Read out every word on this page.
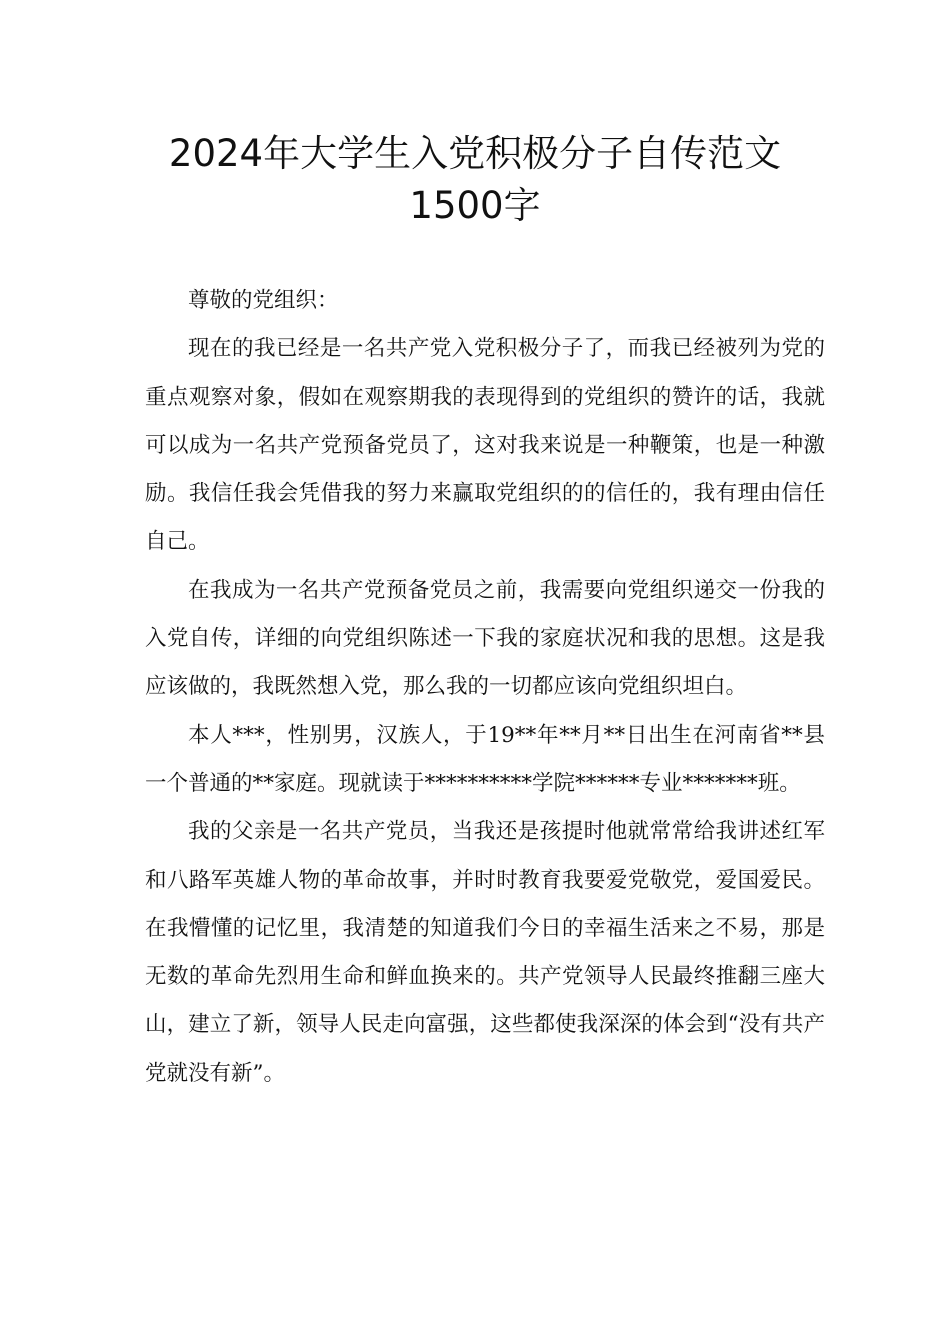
2024年大学生入党积极分子自传范文
1500字

尊敬的党组织：

现在的我已经是一名共产党入党积极分子了，而我已经被列为党的重点观察对象，假如在观察期我的表现得到的党组织的赞许的话，我就可以成为一名共产党预备党员了，这对我来说是一种鞭策，也是一种激励。我信任我会凭借我的努力来赢取党组织的的信任的，我有理由信任自己。

在我成为一名共产党预备党员之前，我需要向党组织递交一份我的入党自传，详细的向党组织陈述一下我的家庭状况和我的思想。这是我应该做的，我既然想入党，那么我的一切都应该向党组织坦白。

本人***，性别男，汉族人，于19**年**月**日出生在河南省**县一个普通的**家庭。现就读于**********学院******专业*******班。

我的父亲是一名共产党员，当我还是孩提时他就常常给我讲述红军和八路军英雄人物的革命故事，并时时教育我要爱党敬党，爱国爱民。在我懵懂的记忆里，我清楚的知道我们今日的幸福生活来之不易，那是无数的革命先烈用生命和鲜血换来的。共产党领导人民最终推翻三座大山，建立了新，领导人民走向富强，这些都使我深深的体会到“没有共产党就没有新”。
